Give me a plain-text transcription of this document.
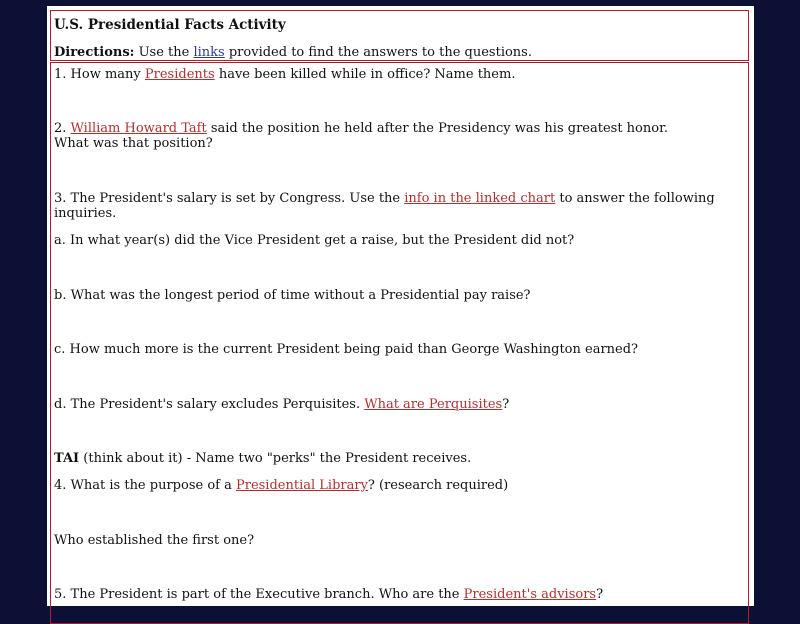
U.S. Presidential Facts Activity
Directions: Use the links provided to find the answers to the questions.
1. How many Presidents have been killed while in office? Name them.
2. William Howard Taft said the position he held after the Presidency was his greatest honor.
What was that position?
3. The President's salary is set by Congress. Use the info in the linked chart to answer the following
inquiries.
a. In what year(s) did the Vice President get a raise, but the President did not?
b. What was the longest period of time without a Presidential pay raise?
c. How much more is the current President being paid than George Washington earned?
d. The President's salary excludes Perquisites. What are Perquisites?
TAI (think about it) - Name two "perks" the President receives.
4. What is the purpose of a Presidential Library? (research required)
Who established the first one?
5. The President is part of the Executive branch. Who are the President's advisors?
